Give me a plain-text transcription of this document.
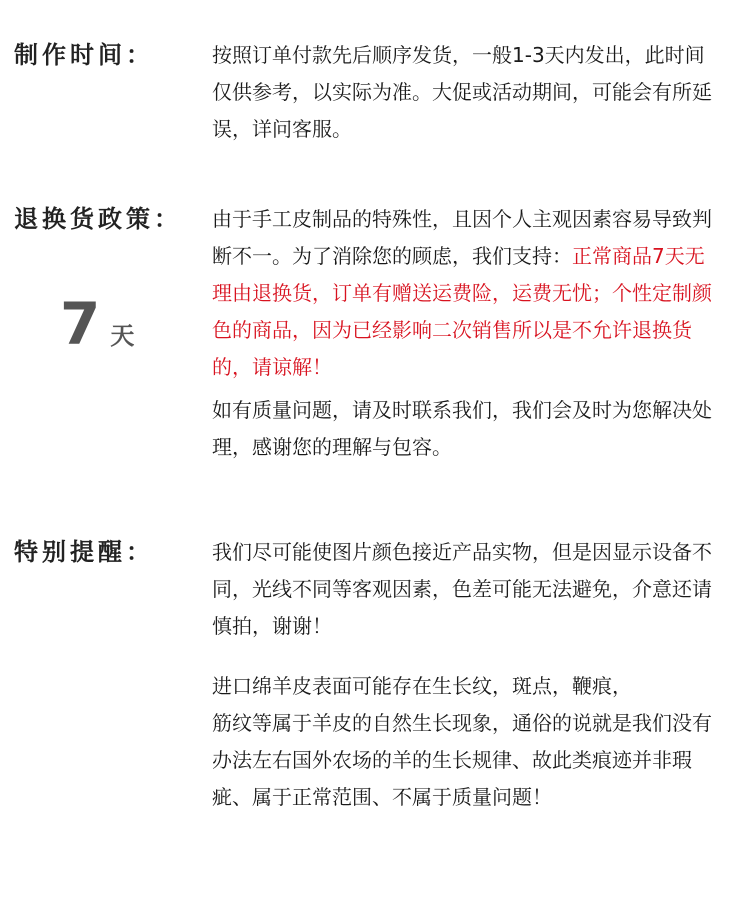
制作时间：	按照订单付款先后顺序发货，一般1-3天内发出，此时间仅供参考，以实际为准。大促或活动期间，可能会有所延误，详问客服。

退换货政策：
7 天

由于手工皮制品的特殊性，且因个人主观因素容易导致判断不一。为了消除您的顾虑，我们支持：正常商品7天无理由退换货，订单有赠送运费险，运费无忧；个性定制颜色的商品，因为已经影响二次销售所以是不允许退换货的，请谅解！

如有质量问题，请及时联系我们，我们会及时为您解决处理，感谢您的理解与包容。

特别提醒：	我们尽可能使图片颜色接近产品实物，但是因显示设备不同，光线不同等客观因素，色差可能无法避免，介意还请慎拍，谢谢！

进口绵羊皮表面可能存在生长纹，斑点，鞭痕，

筋纹等属于羊皮的自然生长现象，通俗的说就是我们没有办法左右国外农场的羊的生长规律、故此类痕迹并非瑕疵、属于正常范围、不属于质量问题！
